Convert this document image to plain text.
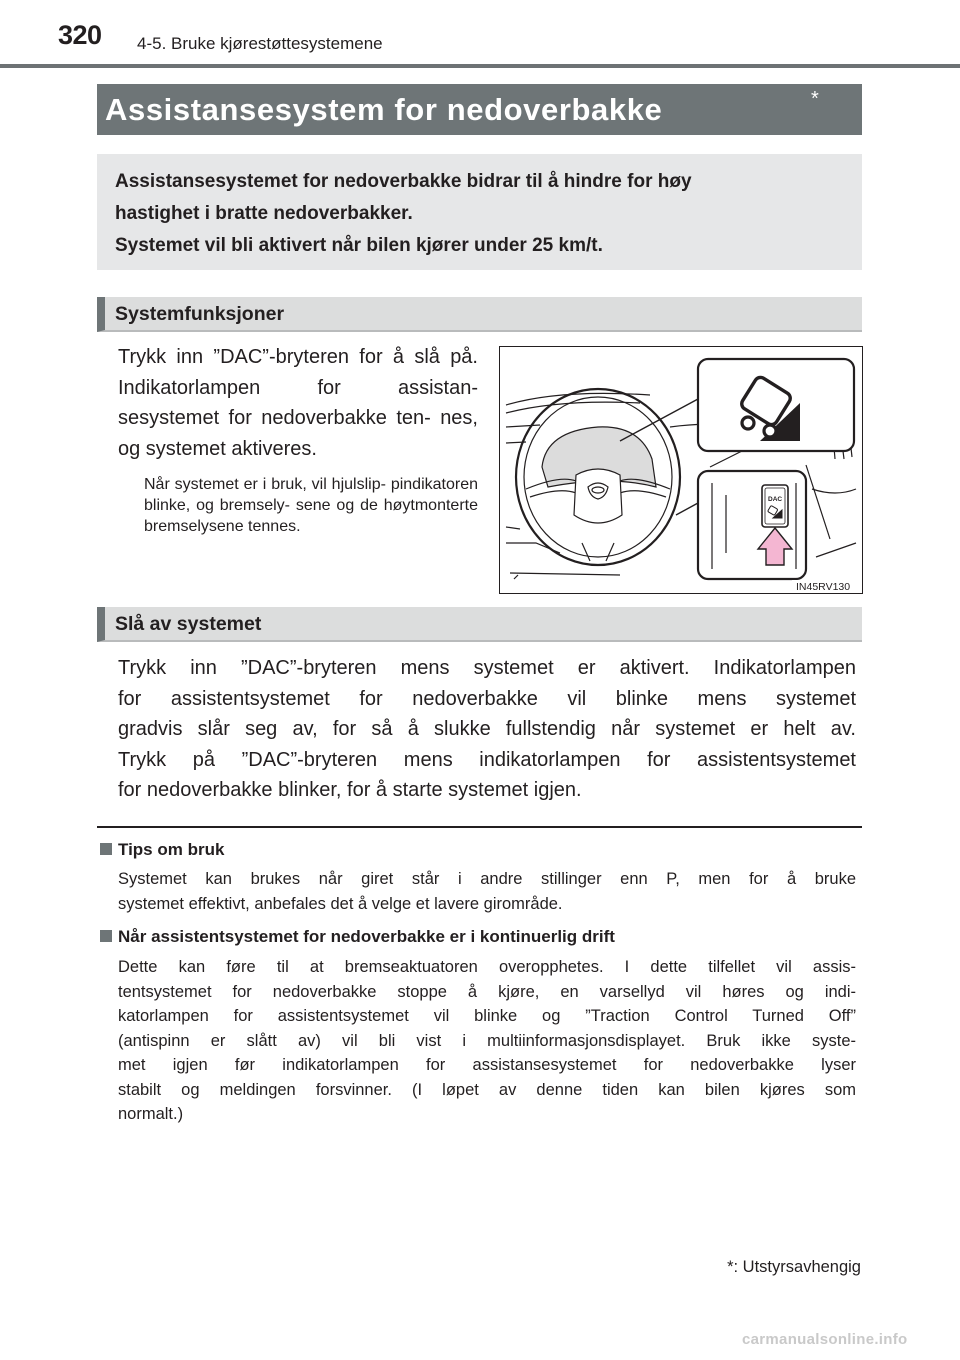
320 4-5. Bruke kjørestøttesystemene
Assistansesystem for nedoverbakke	*

Assistansesystemet for nedoverbakke bidrar til å hindre for høy

hastighet i bratte nedoverbakker.

Systemet vil bli aktivert når bilen kjører under 25 km/t.

Systemfunksjoner
Trykk inn ”DAC”-bryteren for å slå på. Indikatorlampen for assistan- sesystemet for nedoverbakke ten- nes, og systemet aktiveres.
Når systemet er i bruk, vil hjulslip- pindikatoren blinke, og bremsely- sene og de høytmonterte bremselysene tennes.
DAC
IN45RV130
Slå av systemet

Trykk inn ”DAC”-bryteren mens systemet er aktivert. Indikatorlampen

for assistentsystemet for nedoverbakke vil blinke mens systemet

gradvis slår seg av, for så å slukke fullstendig når systemet er helt av.

Trykk på ”DAC”-bryteren mens indikatorlampen for assistentsystemet

for nedoverbakke blinker, for å starte systemet igjen.

Tips om bruk

Systemet kan brukes når giret står i andre stillinger enn P, men for å bruke

systemet effektivt, anbefales det å velge et lavere girområde.

Når assistentsystemet for nedoverbakke er i kontinuerlig drift

Dette kan føre til at bremseaktuatoren overopphetes. I dette tilfellet vil assis-

tentsystemet for nedoverbakke stoppe å kjøre, en varsellyd vil høres og indi-

katorlampen for assistentsystemet vil blinke og ”Traction Control Turned Off”

(antispinn er slått av) vil bli vist i multiinformasjonsdisplayet. Bruk ikke syste-

met igjen før indikatorlampen for assistansesystemet for nedoverbakke lyser

stabilt og meldingen forsvinner. (I løpet av denne tiden kan bilen kjøres som

normalt.)

*: Utstyrsavhengig
carmanualsonline.info
